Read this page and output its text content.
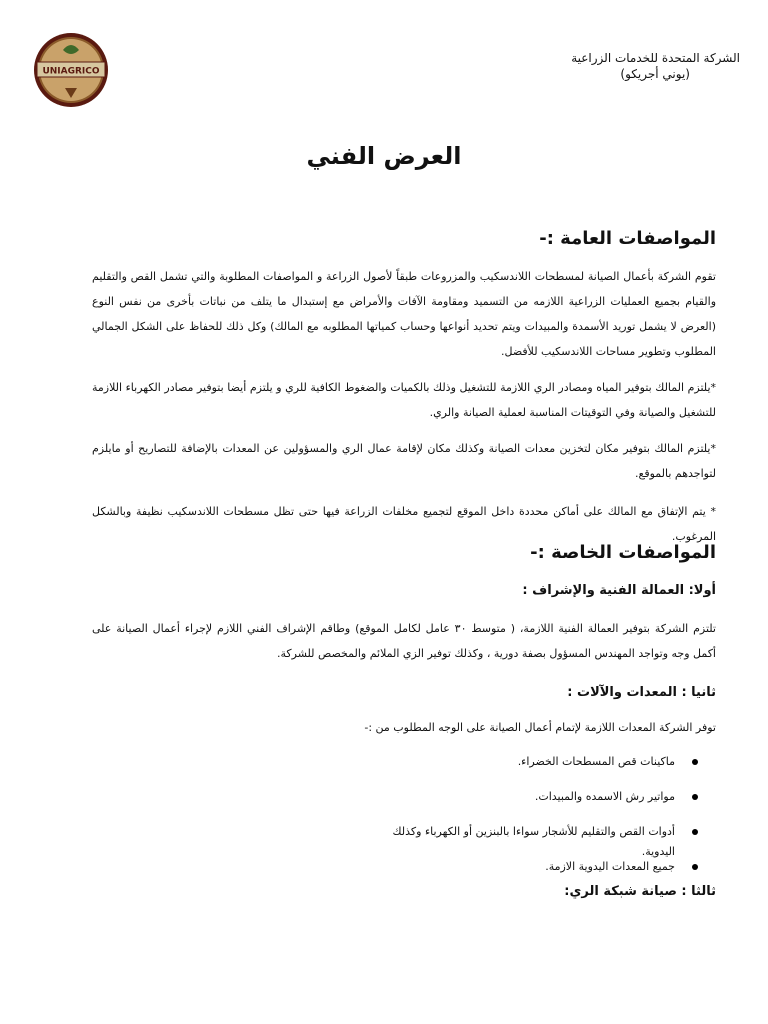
UNIAGRICO
الشركة المتحدة للخدمات الزراعية
(يوني أجريكو)
العرض الفني
المواصفات العامة :-
تقوم الشركة بأعمال الصيانة لمسطحات اللاندسكيب والمزروعات طبقاً لأصول الزراعة و المواصفات المطلوبة والتي تشمل القص والتقليم والقيام بجميع العمليات الزراعية اللازمه من التسميد ومقاومة الآفات والأمراض مع إستبدال ما يتلف من نباتات بأخرى من نفس النوع (العرض لا يشمل توريد الأسمدة والمبيدات ويتم تحديد أنواعها وحساب كمياتها المطلوبه مع المالك) وكل ذلك للحفاظ على الشكل الجمالي المطلوب وتطوير مساحات اللاندسكيب للأفضل.
*يلتزم المالك بتوفير المياه ومصادر الري اللازمة للتشغيل وذلك بالكميات والضغوط الكافية للري و يلتزم أيضا بتوفير مصادر الكهرباء اللازمة للتشغيل والصيانة وفي التوقيتات المناسبة لعملية الصيانة والري.
*يلتزم المالك بتوفير مكان لتخزين معدات الصيانة وكذلك مكان لإقامة عمال الري والمسؤولين عن المعدات بالإضافة للتصاريح أو مايلزم لتواجدهم بالموقع.
* يتم الإتفاق مع المالك على أماكن محددة داخل الموقع لتجميع مخلفات الزراعة فيها حتى تظل مسطحات اللاندسكيب نظيفة وبالشكل المرغوب.
المواصفات الخاصة :-
أولا: العمالة الفنية والإشراف :
تلتزم الشركة بتوفير العمالة الفنية اللازمة، ( متوسط ٣٠ عامل لكامل الموقع) وطاقم الإشراف الفني اللازم لإجراء أعمال الصيانة على أكمل وجه وتواجد المهندس المسؤول بصفة دورية ، وكذلك توفير الزي الملائم والمخصص للشركة.
ثانيا : المعدات والآلات :
توفر الشركة المعدات اللازمة لإتمام أعمال الصيانة على الوجه المطلوب من :-
ماكينات قص المسطحات الخضراء.
مواتير رش الاسمده والمبيدات.
أدوات القص والتقليم للأشجار سواءا بالبنزين أو الكهرباء وكذلك اليدوية.
جميع المعدات اليدوية الازمة.
ثالثا : صيانة شبكة الري:
